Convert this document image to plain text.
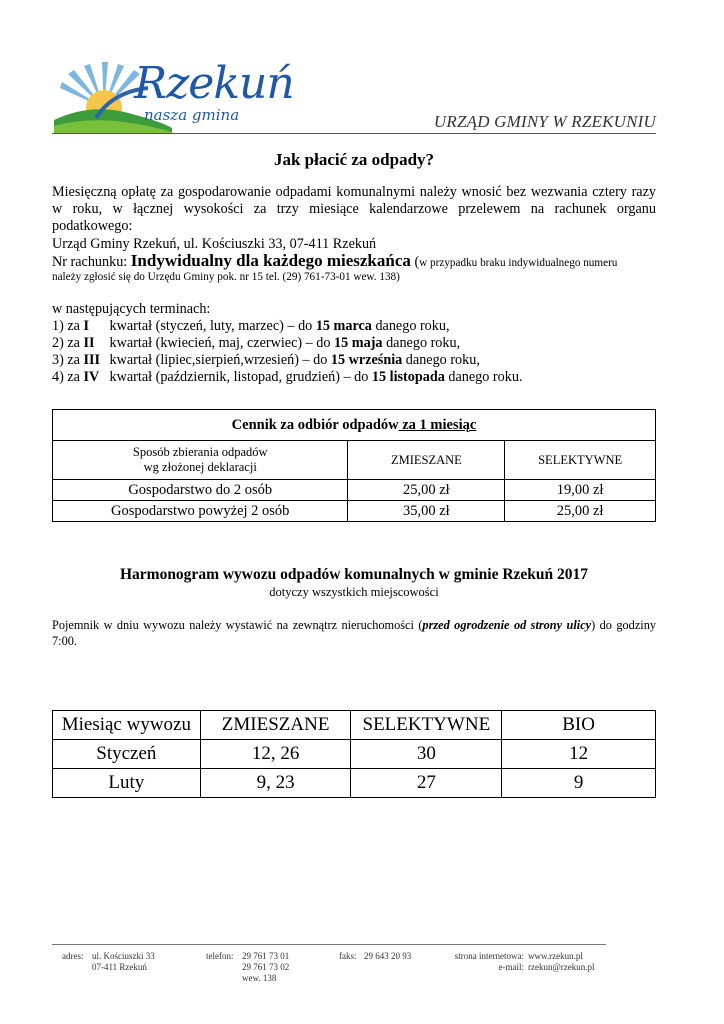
Rzekuń
nasza gmina	URZĄD GMINY W RZEKUNIU
Jak płacić za odpady?
Miesięczną opłatę za gospodarowanie odpadami komunalnymi należy wnosić bez wezwania cztery razy w roku, w łącznej wysokości za trzy miesiące kalendarzowe przelewem na rachunek organu podatkowego:
Urząd Gminy Rzekuń, ul. Kościuszki 33, 07-411 Rzekuń
Nr rachunku: Indywidualny dla każdego mieszkańca (w przypadku braku indywidualnego numeru
należy zgłosić się do Urzędu Gminy pok. nr 15 tel. (29) 761-73-01 wew. 138)
w następujących terminach:
1) za I kwartał (styczeń, luty, marzec) – do 15 marca danego roku,
2) za II kwartał (kwiecień, maj, czerwiec) – do 15 maja danego roku,
3) za III kwartał (lipiec,sierpień,wrzesień) – do 15 września danego roku,
4) za IV kwartał (październik, listopad, grudzień) – do 15 listopada danego roku.
Cennik za odbiór odpadów za 1 miesiąc		

Sposób zbierania odpadów
wg złożonej deklaracji	ZMIESZANE	SELEKTYWNE
Gospodarstwo do 2 osób	25,00 zł	19,00 zł
Gospodarstwo powyżej 2 osób	35,00 zł	25,00 zł
Harmonogram wywozu odpadów komunalnych w gminie Rzekuń 2017
dotyczy wszystkich miejscowości
Pojemnik w dniu wywozu należy wystawić na zewnątrz nieruchomości (przed ogrodzenie od strony ulicy) do godziny 7:00.
Miesiąc wywozu	ZMIESZANE	SELEKTYWNE	BIO
Styczeń	12, 26	30	12
Luty	9, 23	27	9
adres: ul. Kościuszki 33
07-411 Rzekuń
telefon: 29 761 73 01
29 761 73 02
wew. 138
faks: 29 643 20 93	strona internetowa: www.rzekun.pl
e-mail: rzekun@rzekun.pl
